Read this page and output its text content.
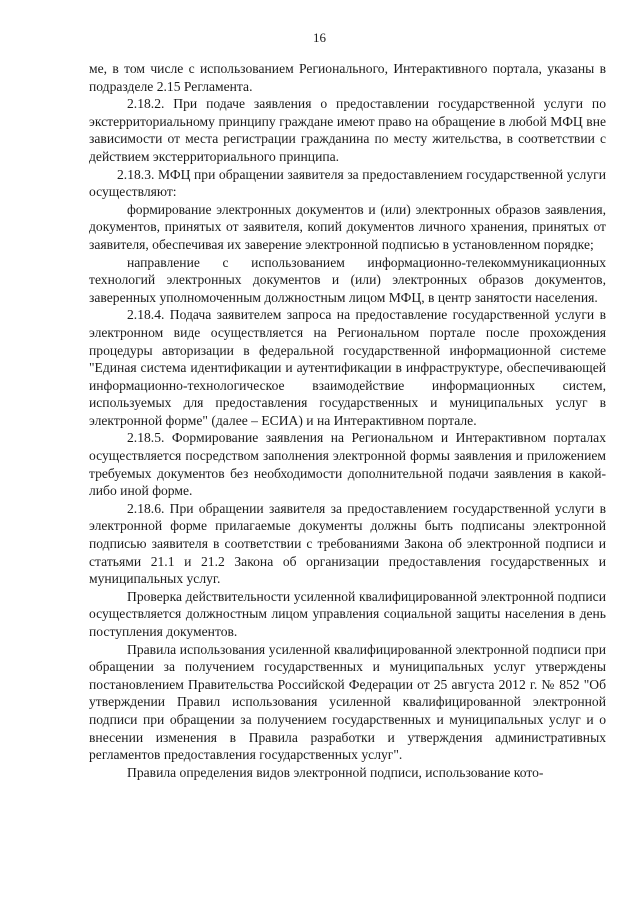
16

ме, в том числе с использованием Регионального, Интерактивного портала, указаны в подразделе 2.15 Регламента.

2.18.2. При подаче заявления о предоставлении государственной услуги по экстерриториальному принципу граждане имеют право на обращение в любой МФЦ вне зависимости от места регистрации гражданина по месту жительства, в соответствии с действием экстерриториального принципа.

2.18.3. МФЦ при обращении заявителя за предоставлением государственной услуги осуществляют:

формирование электронных документов и (или) электронных образов заявления, документов, принятых от заявителя, копий документов личного хранения, принятых от заявителя, обеспечивая их заверение электронной подписью в установленном порядке;

направление с использованием информационно-телекоммуникационных технологий электронных документов и (или) электронных образов документов, заверенных уполномоченным должностным лицом МФЦ, в центр занятости населения.

2.18.4. Подача заявителем запроса на предоставление государственной услуги в электронном виде осуществляется на Региональном портале после прохождения процедуры авторизации в федеральной государственной информационной системе "Единая система идентификации и аутентификации в инфраструктуре, обеспечивающей информационно-технологическое взаимодействие информационных систем, используемых для предоставления государственных и муниципальных услуг в электронной форме" (далее – ЕСИА) и на Интерактивном портале.

2.18.5. Формирование заявления на Региональном и Интерактивном порталах осуществляется посредством заполнения электронной формы заявления и приложением требуемых документов без необходимости дополнительной подачи заявления в какой-либо иной форме.

2.18.6. При обращении заявителя за предоставлением государственной услуги в электронной форме прилагаемые документы должны быть подписаны электронной подписью заявителя в соответствии с требованиями Закона об электронной подписи и статьями 21.1 и 21.2 Закона об организации предоставления государственных и муниципальных услуг.

Проверка действительности усиленной квалифицированной электронной подписи осуществляется должностным лицом управления социальной защиты населения в день поступления документов.

Правила использования усиленной квалифицированной электронной подписи при обращении за получением государственных и муниципальных услуг утверждены постановлением Правительства Российской Федерации от 25 августа 2012 г. № 852 "Об утверждении Правил использования усиленной квалифицированной электронной подписи при обращении за получением государственных и муниципальных услуг и о внесении изменения в Правила разработки и утверждения административных регламентов предоставления государственных услуг".

Правила определения видов электронной подписи, использование кото-
